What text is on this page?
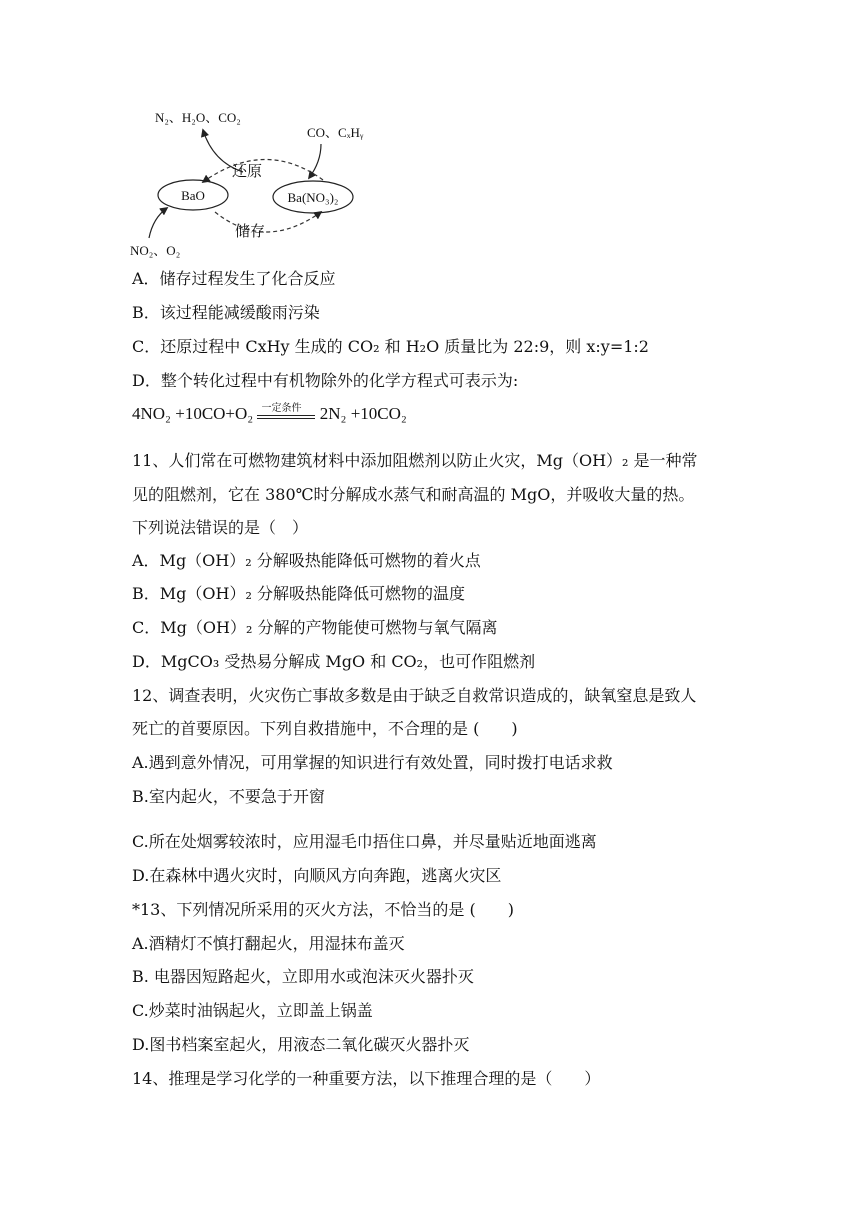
N₂、H₂O、CO₂
CO、CₓHᵧ
还原
储存
BaO	Ba(NO₃)₂
NO₂、O₂
A．储存过程发生了化合反应
B．该过程能减缓酸雨污染
C．还原过程中 CxHy 生成的 CO₂ 和 H₂O 质量比为 22:9，则 x:y=1:2
D．整个转化过程中有机物除外的化学方程式可表示为:
4NO₂ +10CO+O₂ 一定条件 2N₂ +10CO₂
11、人们常在可燃物建筑材料中添加阻燃剂以防止火灾，Mg（OH）₂ 是一种常
见的阻燃剂，它在 380℃时分解成水蒸气和耐高温的 MgO，并吸收大量的热。
下列说法错误的是（　）
A．Mg（OH）₂ 分解吸热能降低可燃物的着火点
B．Mg（OH）₂ 分解吸热能降低可燃物的温度
C．Mg（OH）₂ 分解的产物能使可燃物与氧气隔离
D．MgCO₃ 受热易分解成 MgO 和 CO₂，也可作阻燃剂
12、调查表明，火灾伤亡事故多数是由于缺乏自救常识造成的，缺氧窒息是致人
死亡的首要原因。下列自救措施中，不合理的是 (　　)
A.遇到意外情况，可用掌握的知识进行有效处置，同时拨打电话求救
B.室内起火，不要急于开窗
C.所在处烟雾较浓时，应用湿毛巾捂住口鼻，并尽量贴近地面逃离
D.在森林中遇火灾时，向顺风方向奔跑，逃离火灾区
*13、下列情况所采用的灭火方法，不恰当的是 (　　)
A.酒精灯不慎打翻起火，用湿抹布盖灭
B. 电器因短路起火，立即用水或泡沫灭火器扑灭
C.炒菜时油锅起火，立即盖上锅盖
D.图书档案室起火，用液态二氧化碳灭火器扑灭
14、推理是学习化学的一种重要方法，以下推理合理的是（　　）
